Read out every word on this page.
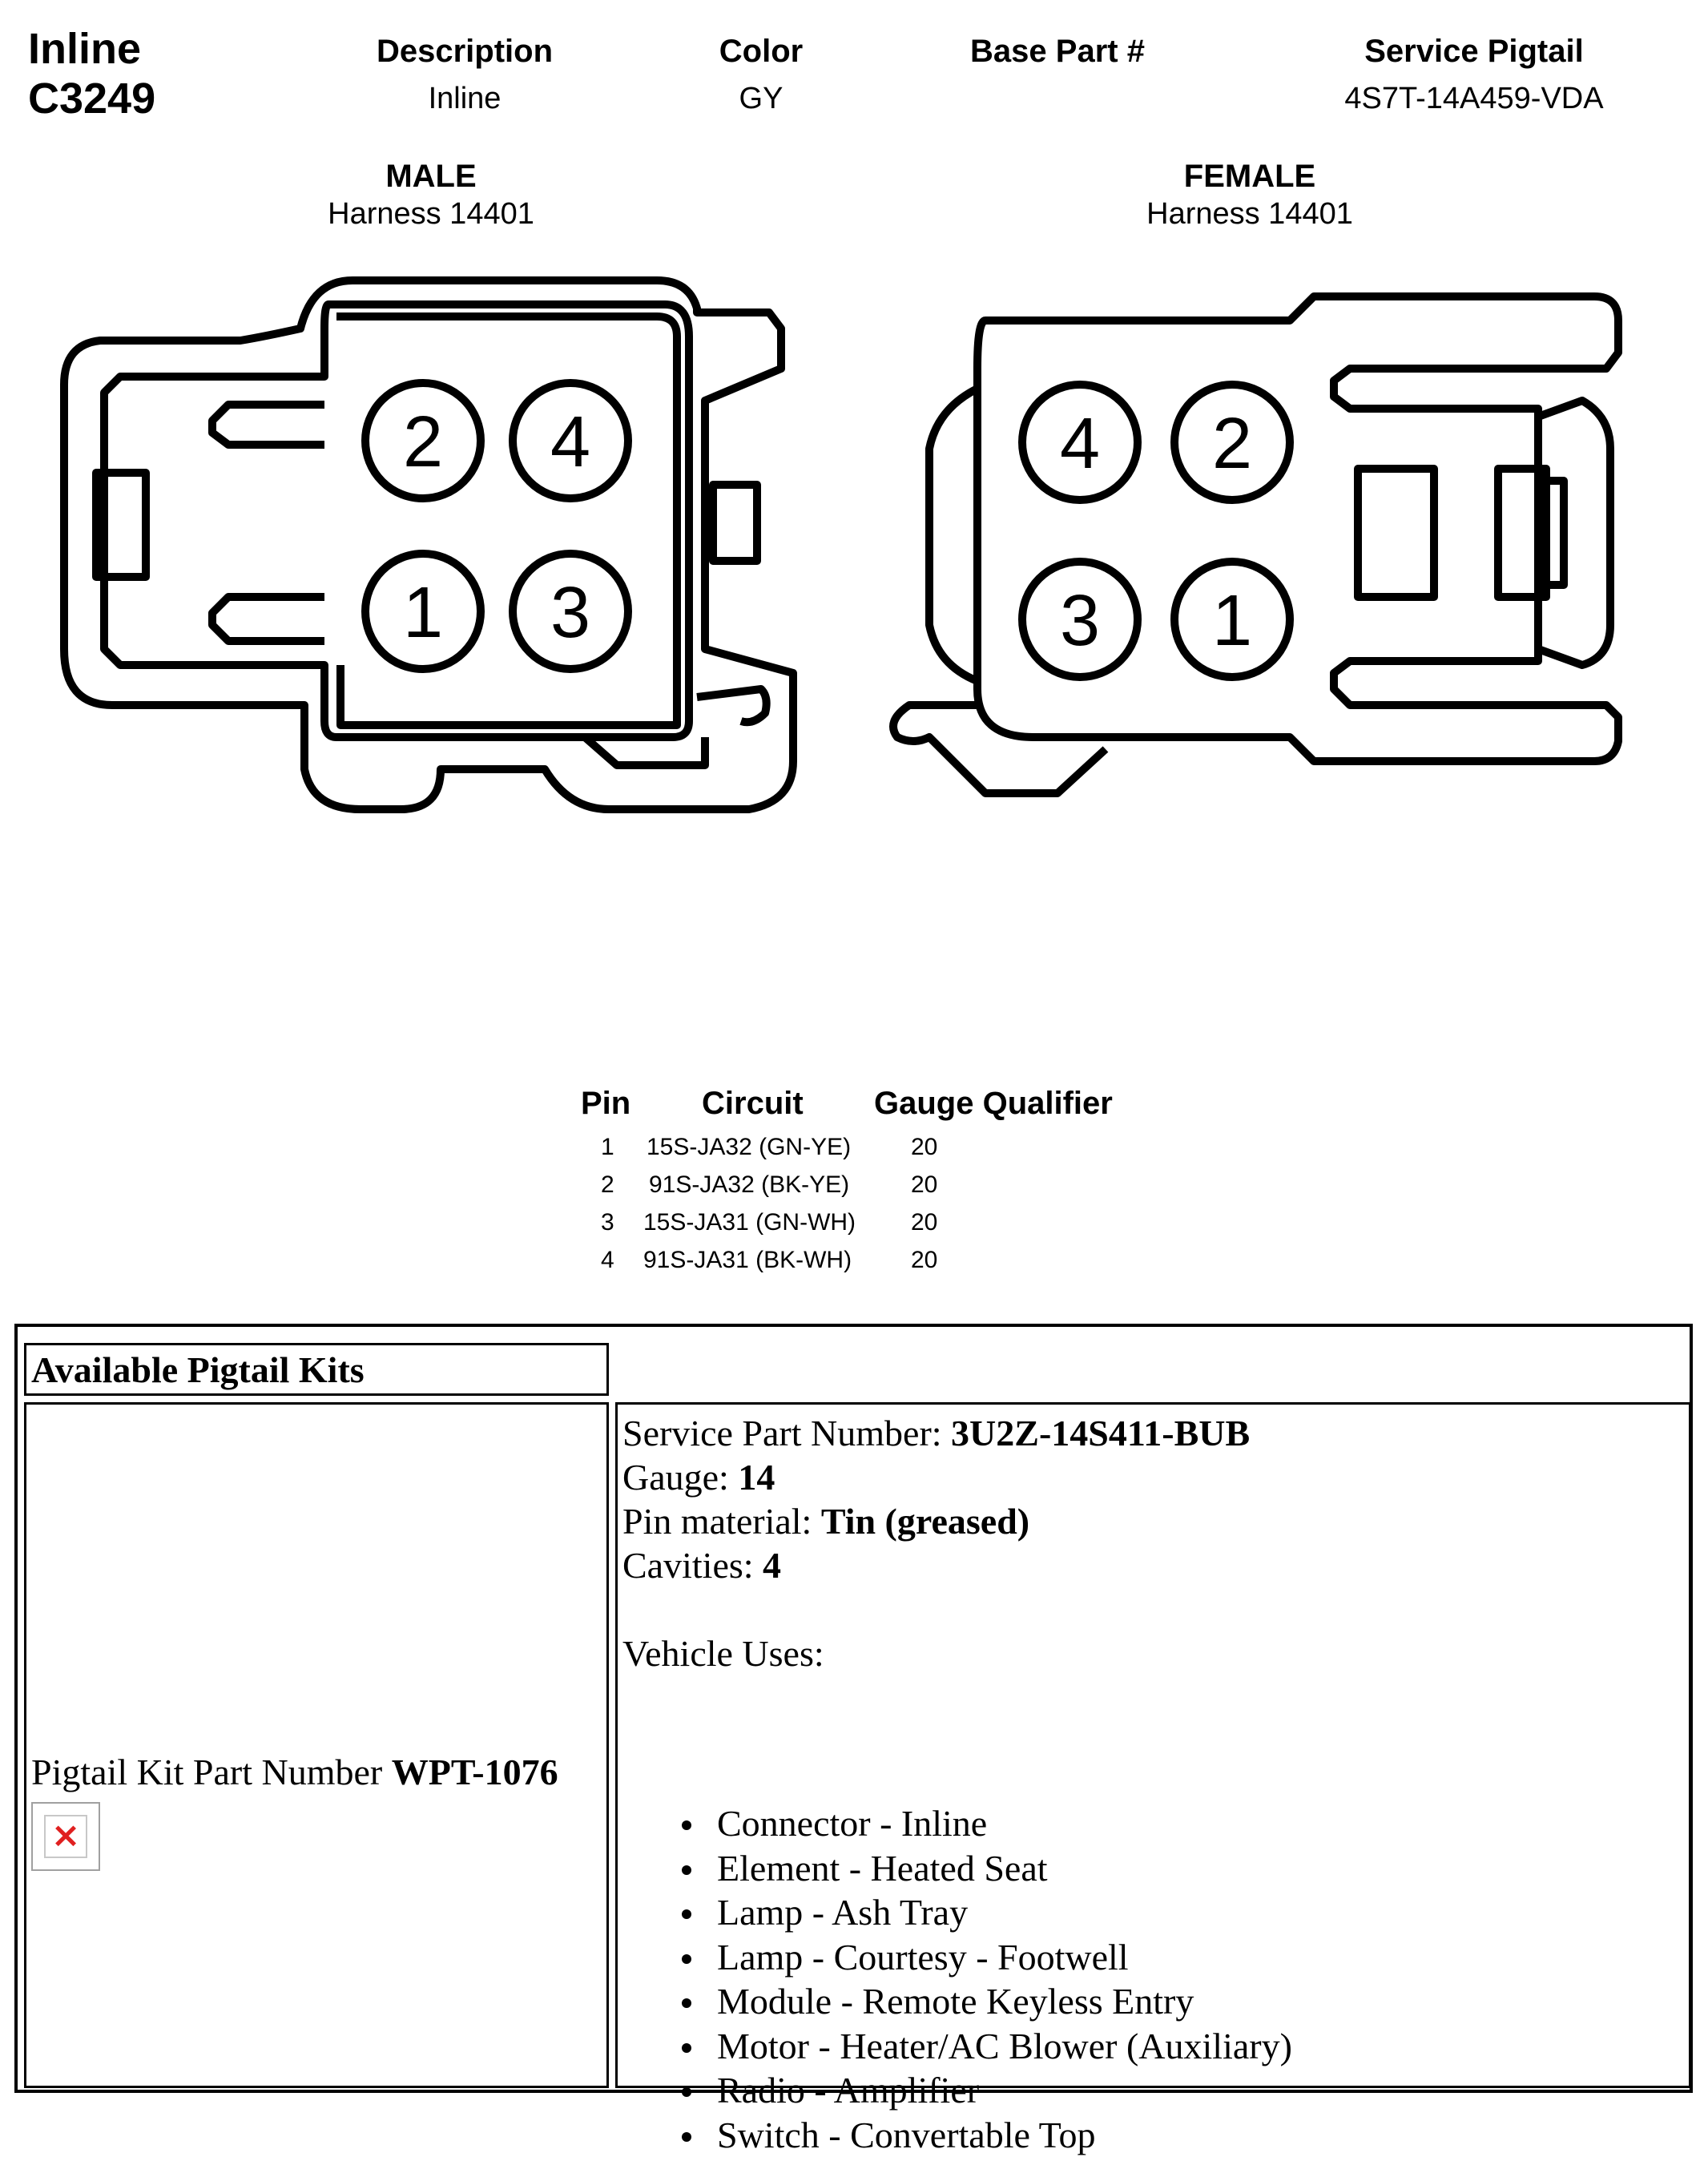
Inline
C3249
Description
Inline
Color
GY
Base Part #	Service Pigtail
4S7T-14A459-VDA
MALE
Harness 14401
FEMALE
Harness 14401
2 4
1 3
4 2
3 1
Pin Circuit Gauge Qualifier
1 15S-JA32 (GN-YE) 20
2 91S-JA32 (BK-YE)	20
3 15S-JA31 (GN-WH) 20
4 91S-JA31 (BK-WH) 20
Available Pigtail Kits
Pigtail Kit Part Number WPT-1076
×
Service Part Number: 3U2Z-14S411-BUB
Gauge: 14
Pin material: Tin (greased)
Cavities: 4
Vehicle Uses:
Connector - Inline
Element - Heated Seat
Lamp - Ash Tray
Lamp - Courtesy - Footwell
Module - Remote Keyless Entry
Motor - Heater/AC Blower (Auxiliary)
Radio - Amplifier
Switch - Convertable Top
